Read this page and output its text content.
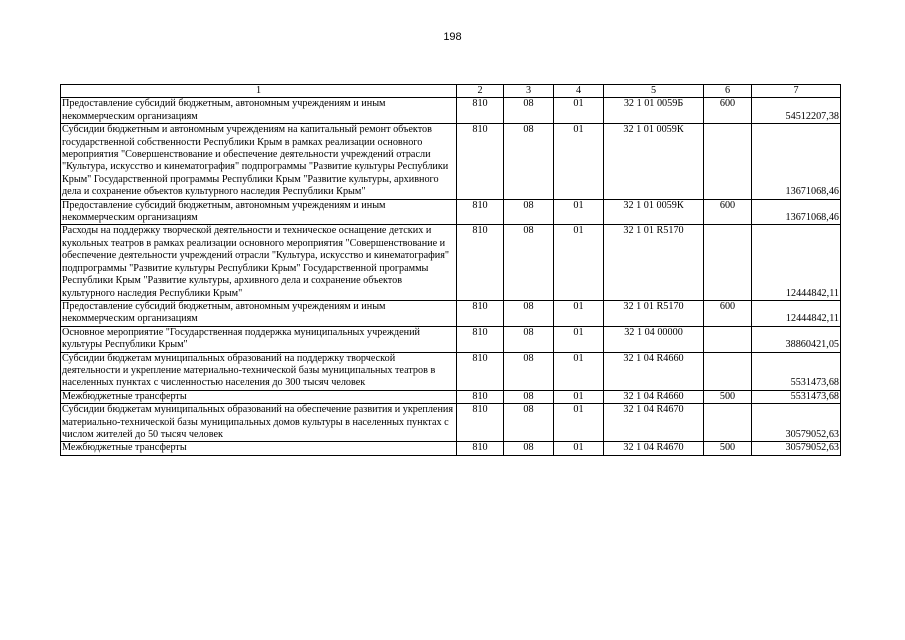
198
1	2	3	4	5	6	7
Предоставление субсидий бюджетным, автономным учреждениям и иным некоммерческим организациям	810	08	01	32 1 01 0059Б	600	54512207,38
Субсидии бюджетным и автономным учреждениям на капитальный ремонт объектов государственной собственности Республики Крым в рамках реализации основного мероприятия "Совершенствование и обеспечение деятельности учреждений отрасли "Культура, искусство и кинематография" подпрограммы "Развитие культуры Республики Крым" Государственной программы Республики Крым "Развитие культуры, архивного дела и сохранение объектов культурного наследия Республики Крым"	810	08	01	32 1 01 0059К		13671068,46
Предоставление субсидий бюджетным, автономным учреждениям и иным некоммерческим организациям	810	08	01	32 1 01 0059К	600	13671068,46
Расходы на поддержку творческой деятельности и техническое оснащение детских и кукольных театров в рамках реализации основного мероприятия "Совершенствование и обеспечение деятельности учреждений отрасли "Культура, искусство и кинематография" подпрограммы "Развитие культуры Республики Крым" Государственной программы Республики Крым "Развитие культуры, архивного дела и сохранение объектов культурного наследия Республики Крым"	810	08	01	32 1 01 R5170		12444842,11
Предоставление субсидий бюджетным, автономным учреждениям и иным некоммерческим организациям	810	08	01	32 1 01 R5170	600	12444842,11
Основное мероприятие "Государственная поддержка муниципальных учреждений культуры Республики Крым"	810	08	01	32 1 04 00000		38860421,05
Субсидии бюджетам муниципальных образований на поддержку творческой деятельности и укрепление материально-технической базы муниципальных театров в населенных пунктах с численностью населения до 300 тысяч человек	810	08	01	32 1 04 R4660		5531473,68
Межбюджетные трансферты	810	08	01	32 1 04 R4660	500	5531473,68
Субсидии бюджетам муниципальных образований на обеспечение развития и укрепления материально-технической базы муниципальных домов культуры в населенных пунктах с числом жителей до 50 тысяч человек	810	08	01	32 1 04 R4670		30579052,63
Межбюджетные трансферты	810	08	01	32 1 04 R4670	500	30579052,63
